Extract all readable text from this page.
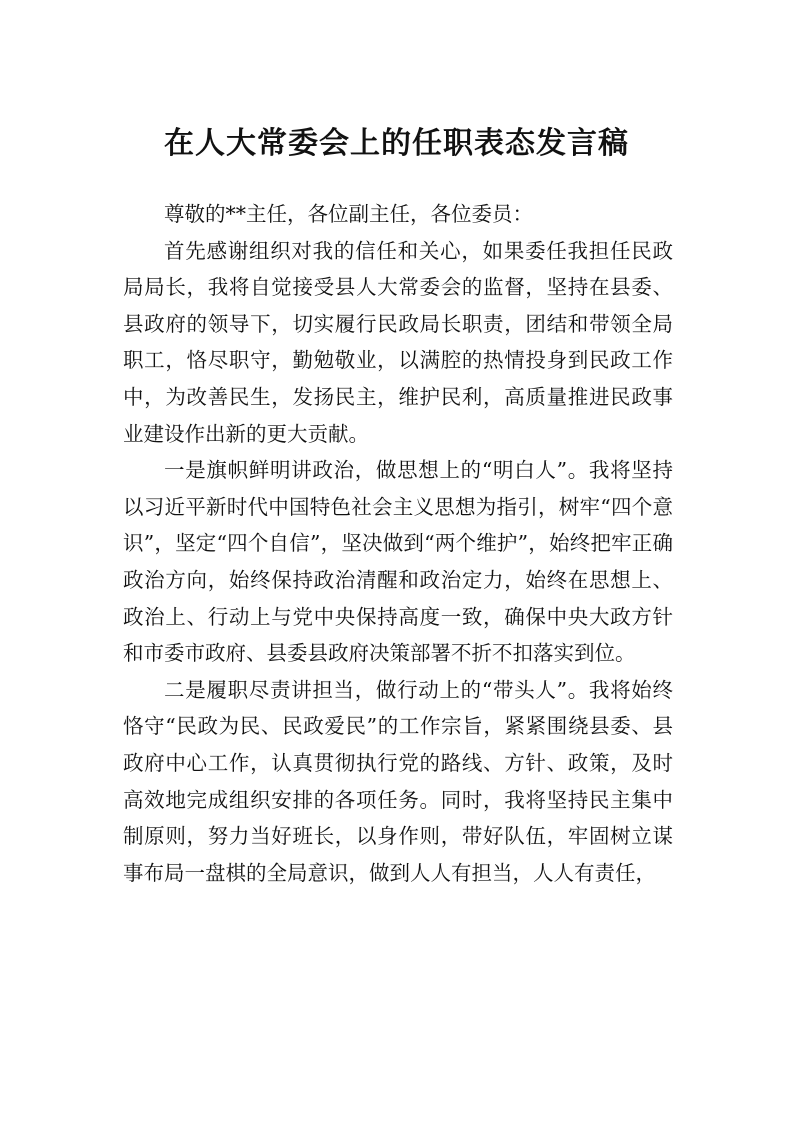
在人大常委会上的任职表态发言稿

尊敬的**主任，各位副主任，各位委员：

首先感谢组织对我的信任和关心，如果委任我担任民政局局长，我将自觉接受县人大常委会的监督，坚持在县委、县政府的领导下，切实履行民政局长职责，团结和带领全局职工，恪尽职守，勤勉敬业，以满腔的热情投身到民政工作中，为改善民生，发扬民主，维护民利，高质量推进民政事业建设作出新的更大贡献。

一是旗帜鲜明讲政治，做思想上的“明白人”。我将坚持以习近平新时代中国特色社会主义思想为指引，树牢“四个意识”，坚定“四个自信”，坚决做到“两个维护”，始终把牢正确政治方向，始终保持政治清醒和政治定力，始终在思想上、政治上、行动上与党中央保持高度一致，确保中央大政方针和市委市政府、县委县政府决策部署不折不扣落实到位。

二是履职尽责讲担当，做行动上的“带头人”。我将始终恪守“民政为民、民政爱民”的工作宗旨，紧紧围绕县委、县政府中心工作，认真贯彻执行党的路线、方针、政策，及时高效地完成组织安排的各项任务。同时，我将坚持民主集中制原则，努力当好班长，以身作则，带好队伍，牢固树立谋事布局一盘棋的全局意识，做到人人有担当，人人有责任，
